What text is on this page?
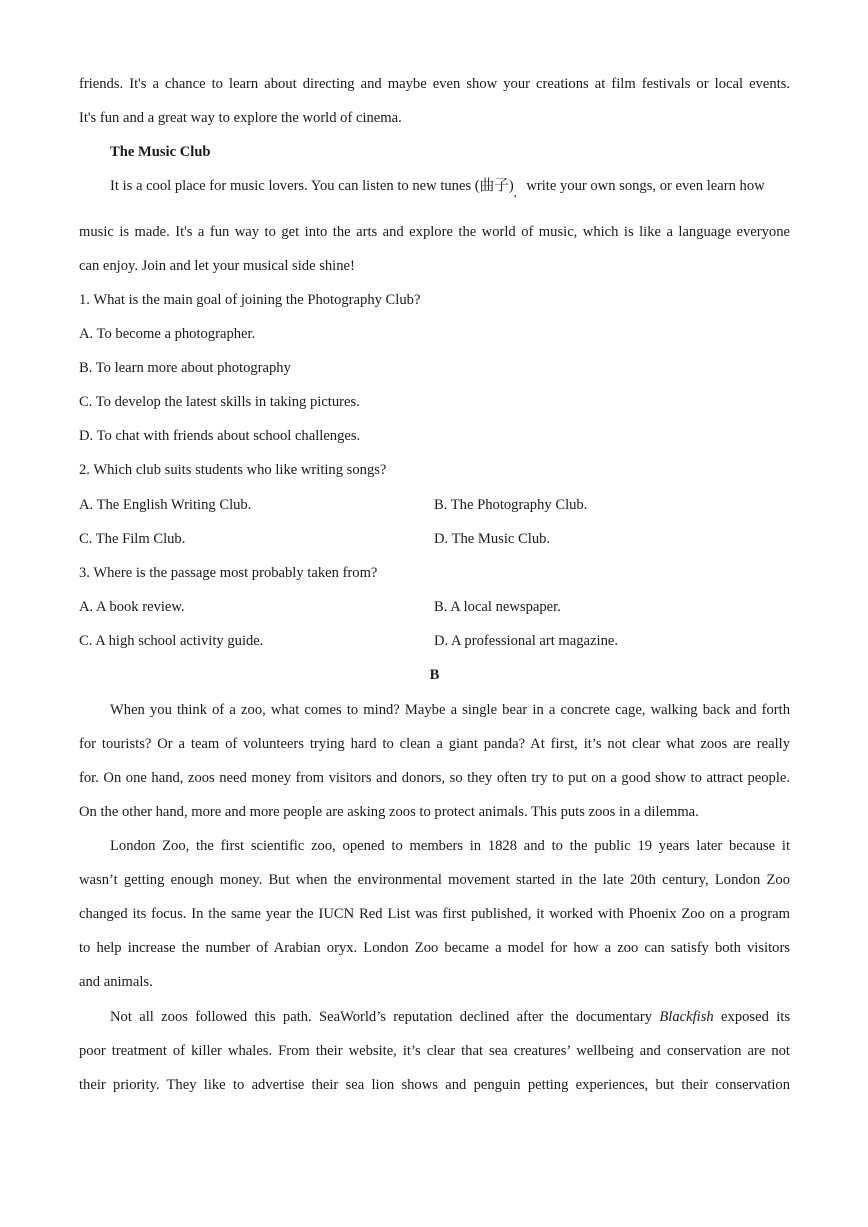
friends. It's a chance to learn about directing and maybe even show your creations at film festivals or local events.
It's fun and a great way to explore the world of cinema.
The Music Club
It is a cool place for music lovers. You can listen to new tunes (曲子)$_,$ write your own songs, or even learn how
music is made. It's a fun way to get into the arts and explore the world of music, which is like a language everyone
can enjoy. Join and let your musical side shine!
1. What is the main goal of joining the Photography Club?
A. To become a photographer.
B. To learn more about photography
C. To develop the latest skills in taking pictures.
D. To chat with friends about school challenges.
2. Which club suits students who like writing songs?
A. The English Writing Club.	B. The Photography Club.
C. The Film Club.	D. The Music Club.
3. Where is the passage most probably taken from?
A. A book review.	B. A local newspaper.
C. A high school activity guide.	D. A professional art magazine.
B
When you think of a zoo, what comes to mind? Maybe a single bear in a concrete cage, walking back and forth
for tourists? Or a team of volunteers trying hard to clean a giant panda? At first, it’s not clear what zoos are really
for. On one hand, zoos need money from visitors and donors, so they often try to put on a good show to attract people.
On the other hand, more and more people are asking zoos to protect animals. This puts zoos in a dilemma.
London Zoo, the first scientific zoo, opened to members in 1828 and to the public 19 years later because it
wasn’t getting enough money. But when the environmental movement started in the late 20th century, London Zoo
changed its focus. In the same year the IUCN Red List was first published, it worked with Phoenix Zoo on a program
to help increase the number of Arabian oryx. London Zoo became a model for how a zoo can satisfy both visitors
and animals.
Not all zoos followed this path. SeaWorld’s reputation declined after the documentary Blackfish exposed its
poor treatment of killer whales. From their website, it’s clear that sea creatures’ wellbeing and conservation are not
their priority. They like to advertise their sea lion shows and penguin petting experiences, but their conservation
